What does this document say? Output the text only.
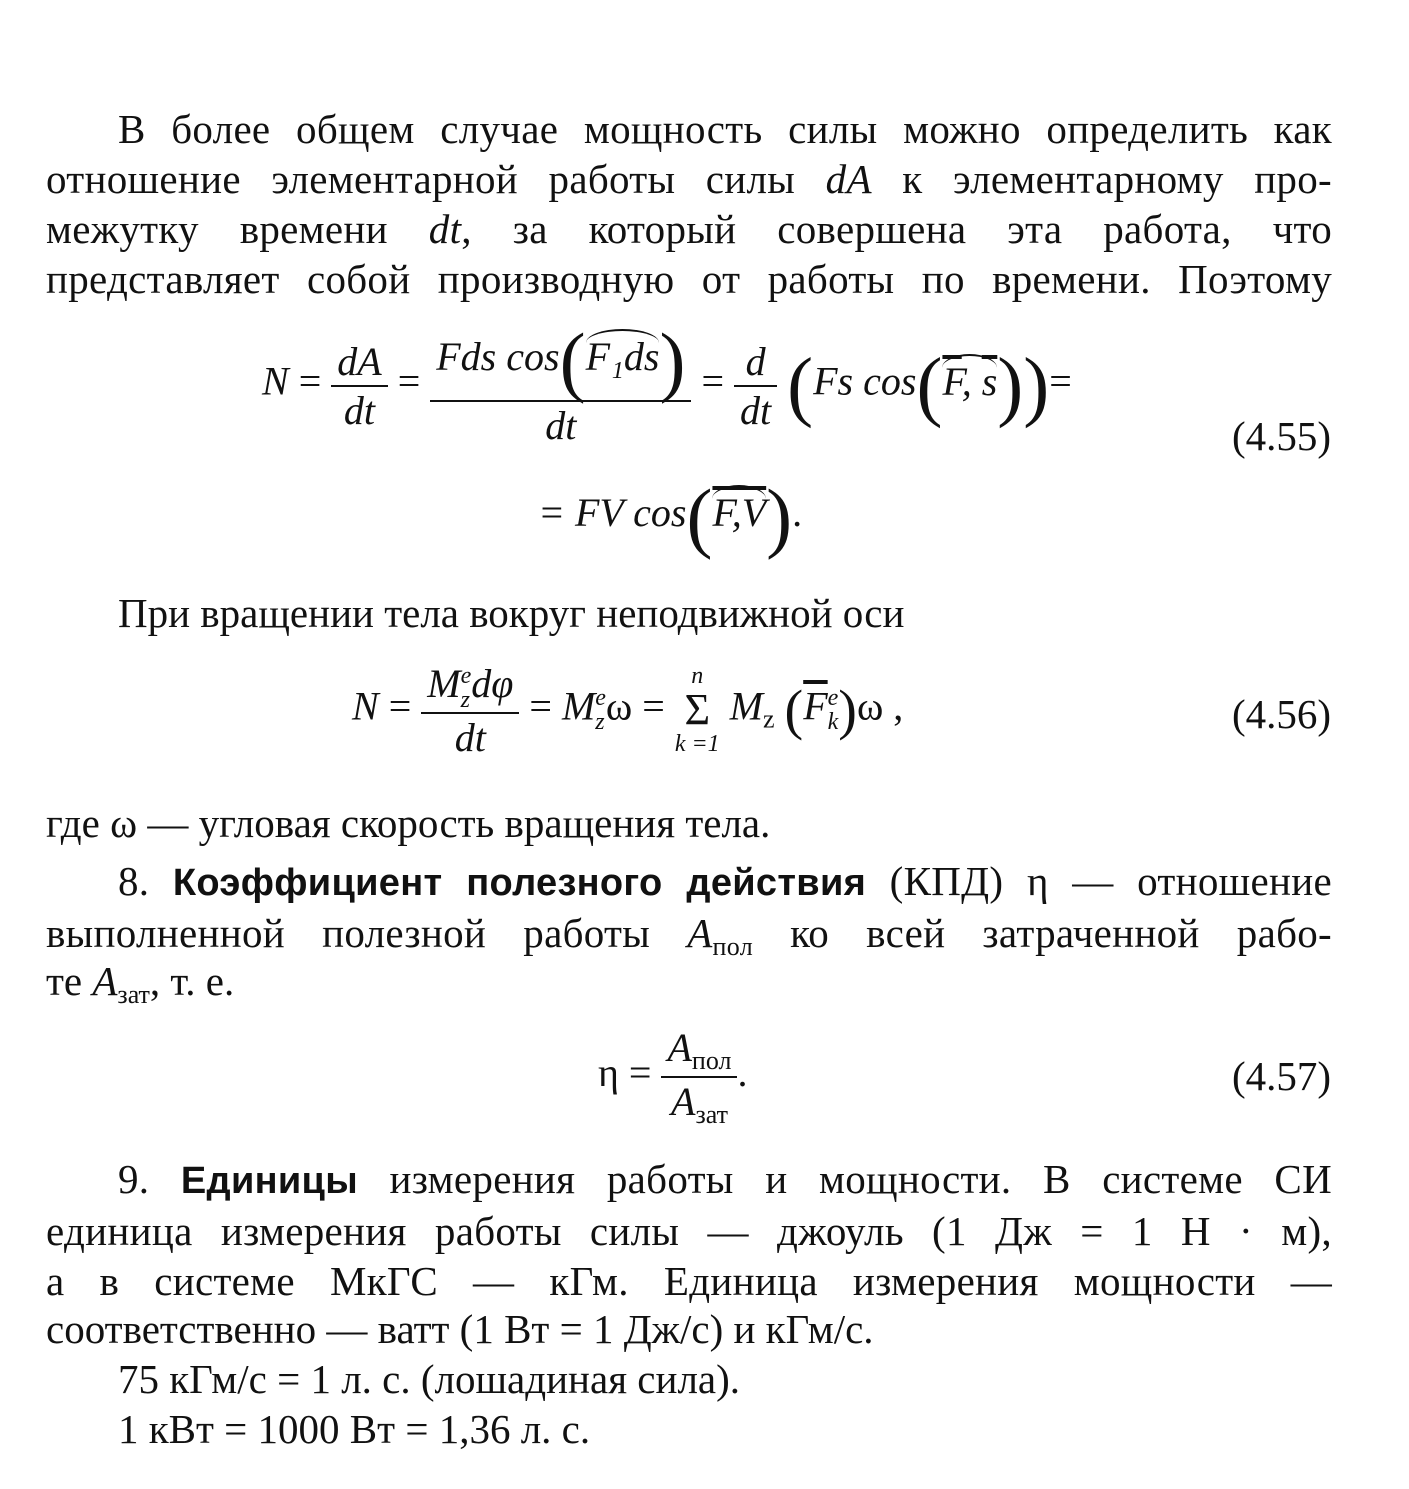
В более общем случае мощность силы можно определить как
отношение элементарной работы силы dA к элементарному про-
межутку времени dt, за который совершена эта работа, что
представляет собой производную от работы по времени. Поэтому
$N = \frac{dA}{dt} = \frac{\text{Fds cos(F₁ds)}}{dt} = \frac{d}{dt} (Fs$ $\cos(\overline{F}$, $\overline{s}))=$
(4.55)
= FV cos(F,V).
При вращении тела вокруг неподвижной оси
N = M e
z dφ
dt = M e
z ω =
n
Σ
k =1
$M_z$ ($\overline{F}$ e
k )ω ,	(4.56)
где ω — угловая скорость вращения тела.
8. Коэффициент полезного действия (КПД) η — отношение
выполненной полезной работы $A_{пол}$ ко всей затраченной рабо-
те $A_{зат}$, т. е.
$\eta = \frac{A_{пол}}{A_{зат}}$ .	(4.57)
9. Единицы измерения работы и мощности. В системе СИ
единица измерения работы силы — джоуль (1 Дж = 1 Н · м),
а в системе МкГС — кГм. Единица измерения мощности —
соответственно — ватт (1 Вт = 1 Дж/с) и кГм/с.
75 кГм/с = 1 л. с. (лошадиная сила).
1 кВт = 1000 Вт = 1,36 л. с.
